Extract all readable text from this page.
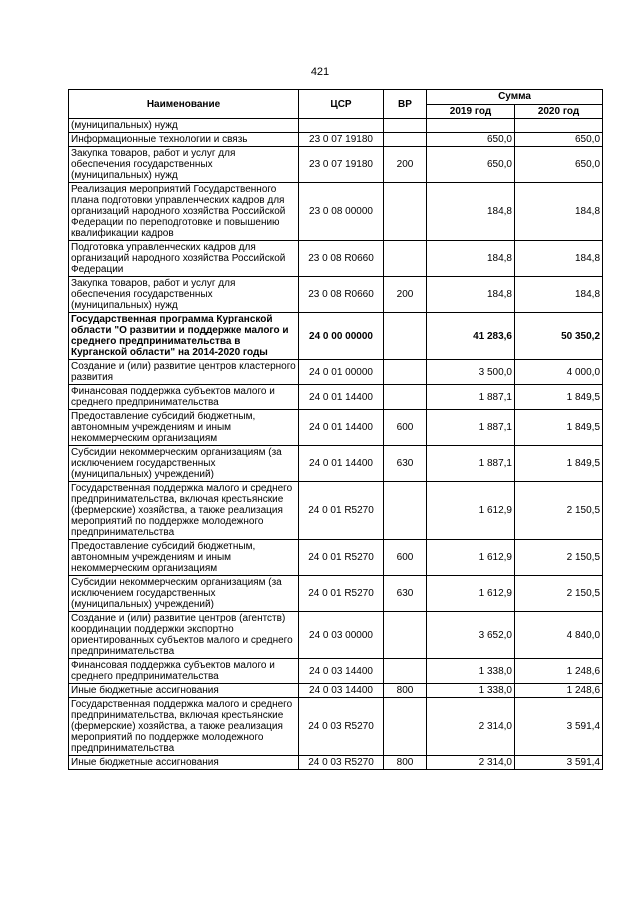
421
Наименование	ЦСР	ВР	Сумма	
			2019 год	2020 год
(муниципальных) нужд				
Информационные технологии и связь	23 0 07 19180		650,0	650,0
Закупка товаров, работ и услуг для обеспечения государственных (муниципальных) нужд	23 0 07 19180	200	650,0	650,0
Реализация мероприятий Государственного плана подготовки управленческих кадров для организаций народного хозяйства Российской Федерации по переподготовке и повышению квалификации кадров	23 0 08 00000		184,8	184,8
Подготовка управленческих кадров для организаций народного хозяйства Российской Федерации	23 0 08 R0660		184,8	184,8
Закупка товаров, работ и услуг для обеспечения государственных (муниципальных) нужд	23 0 08 R0660	200	184,8	184,8
Государственная программа Курганской области "О развитии и поддержке малого и среднего предпринимательства в Курганской области" на 2014-2020 годы	24 0 00 00000		41 283,6	50 350,2
Создание и (или) развитие центров кластерного развития	24 0 01 00000		3 500,0	4 000,0
Финансовая поддержка субъектов малого и среднего предпринимательства	24 0 01 14400		1 887,1	1 849,5
Предоставление субсидий бюджетным, автономным учреждениям и иным некоммерческим организациям	24 0 01 14400	600	1 887,1	1 849,5
Субсидии некоммерческим организациям (за исключением государственных (муниципальных) учреждений)	24 0 01 14400	630	1 887,1	1 849,5
Государственная поддержка малого и среднего предпринимательства, включая крестьянские (фермерские) хозяйства, а также реализация мероприятий по поддержке молодежного предпринимательства	24 0 01 R5270		1 612,9	2 150,5
Предоставление субсидий бюджетным, автономным учреждениям и иным некоммерческим организациям	24 0 01 R5270	600	1 612,9	2 150,5
Субсидии некоммерческим организациям (за исключением государственных (муниципальных) учреждений)	24 0 01 R5270	630	1 612,9	2 150,5
Создание и (или) развитие центров (агентств) координации поддержки экспортно ориентированных субъектов малого и среднего предпринимательства	24 0 03 00000		3 652,0	4 840,0
Финансовая поддержка субъектов малого и среднего предпринимательства	24 0 03 14400		1 338,0	1 248,6
Иные бюджетные ассигнования	24 0 03 14400	800	1 338,0	1 248,6
Государственная поддержка малого и среднего предпринимательства, включая крестьянские (фермерские) хозяйства, а также реализация мероприятий по поддержке молодежного предпринимательства	24 0 03 R5270		2 314,0	3 591,4
Иные бюджетные ассигнования	24 0 03 R5270	800	2 314,0	3 591,4
